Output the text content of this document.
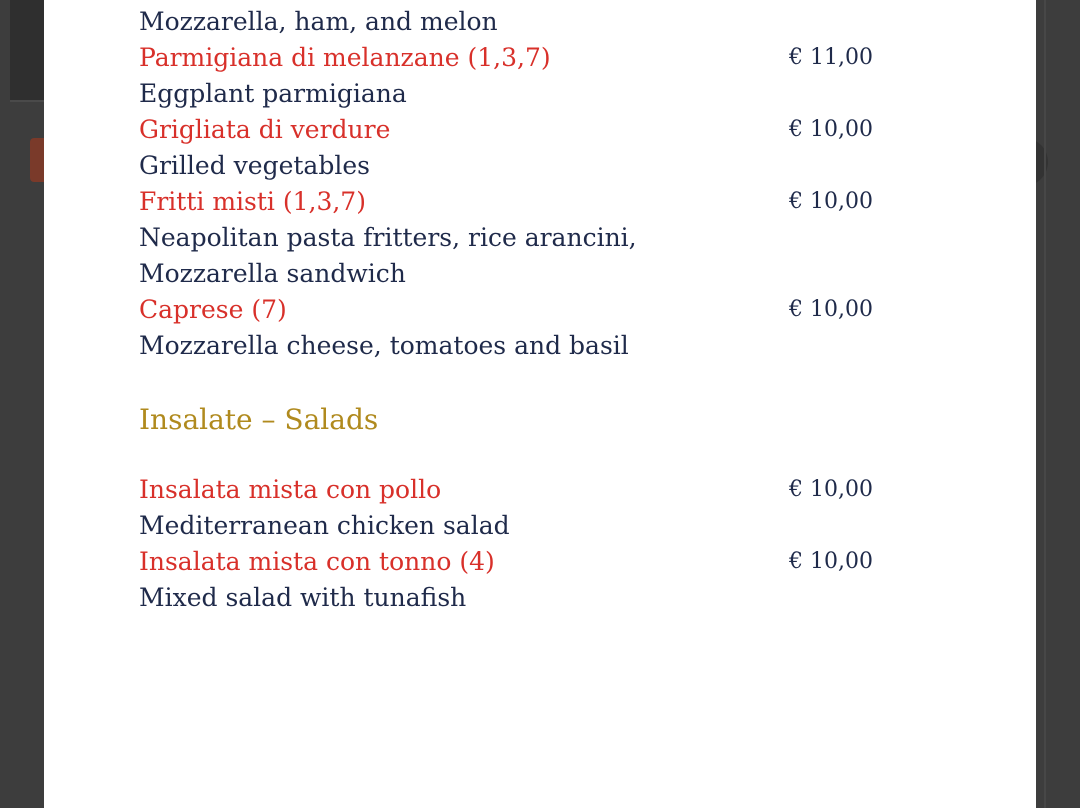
Mozzarella, ham, and melon
Parmigiana di melanzane (1,3,7)	€ 11,00
Eggplant parmigiana
Grigliata di verdure	€ 10,00
Grilled vegetables
Fritti misti (1,3,7)	€ 10,00
Neapolitan pasta fritters, rice arancini,
Mozzarella sandwich
Caprese (7)	€ 10,00
Mozzarella cheese, tomatoes and basil
Insalate – Salads
Insalata mista con pollo	€ 10,00
Mediterranean chicken salad
Insalata mista con tonno (4)	€ 10,00
Mixed salad with tunafish
